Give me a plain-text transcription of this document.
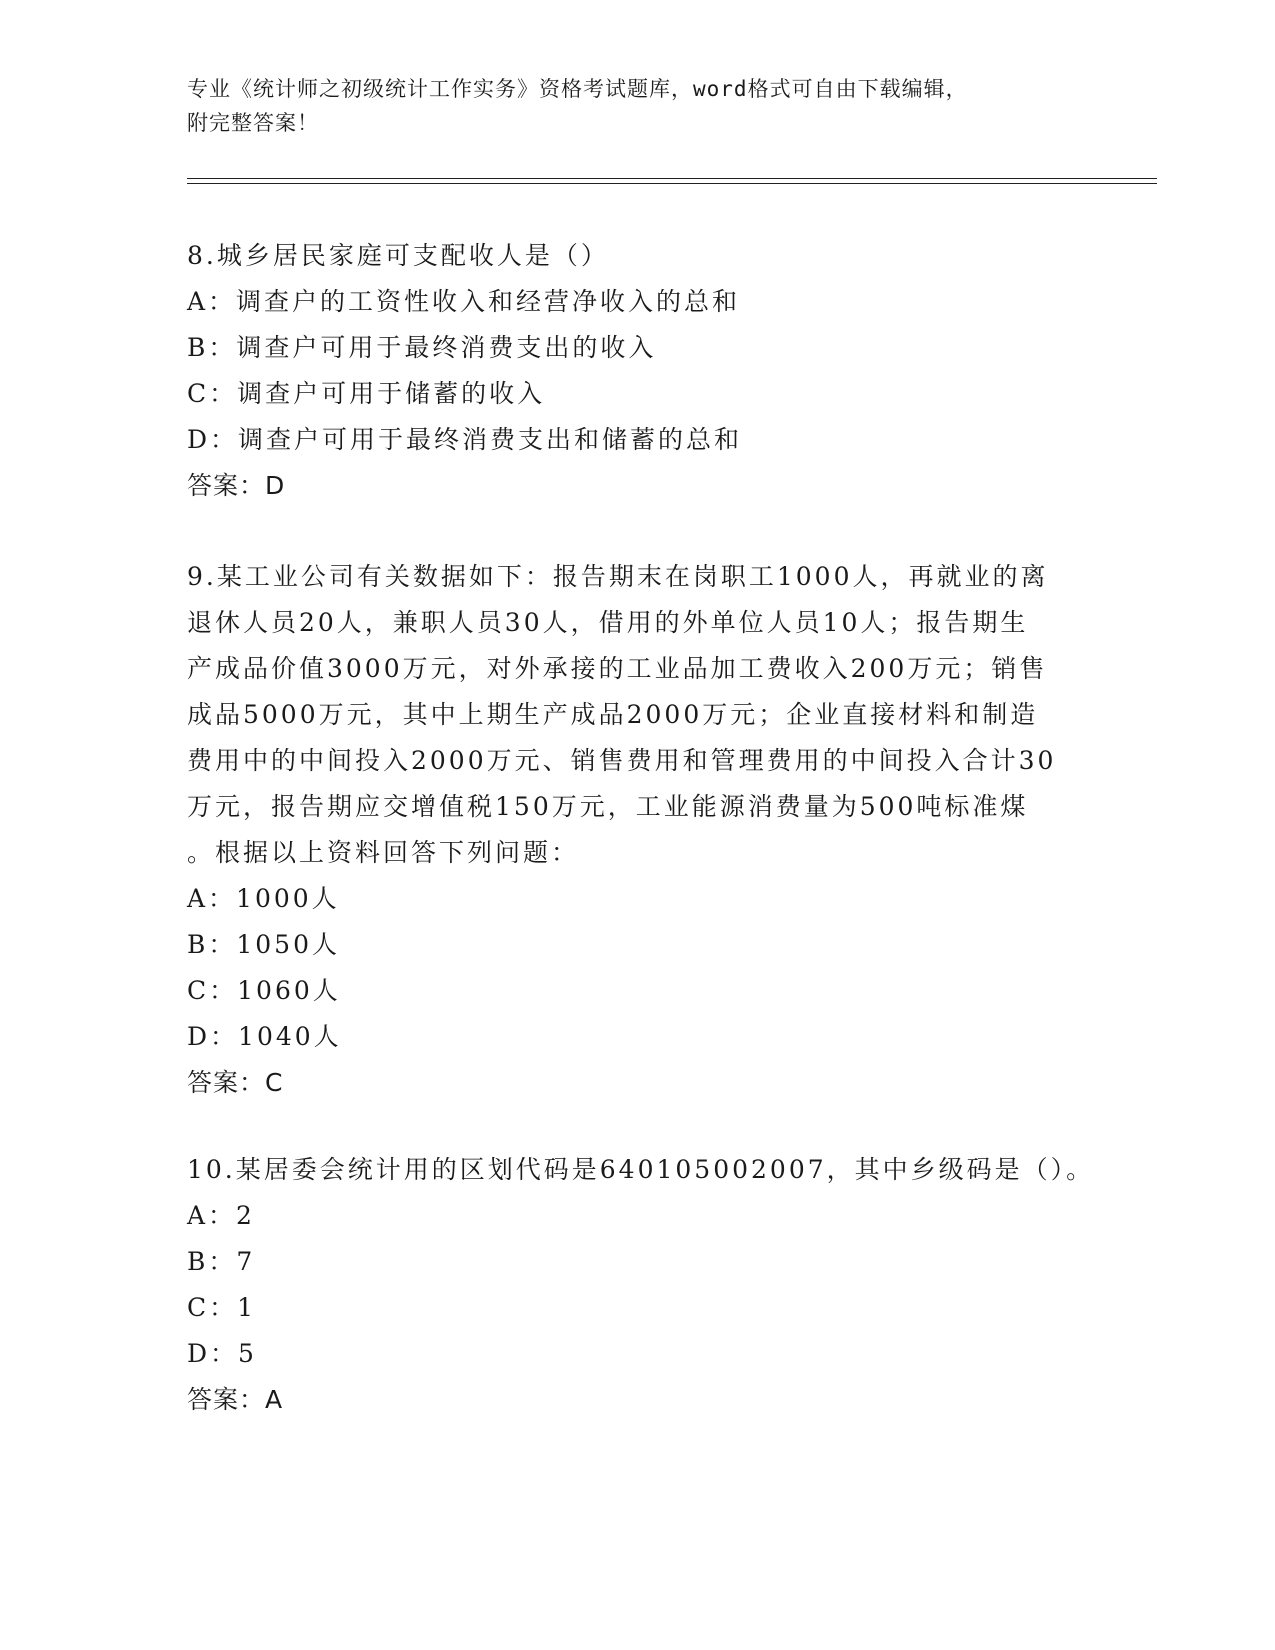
专业《统计师之初级统计工作实务》资格考试题库，word格式可自由下载编辑，
附完整答案！
8.城乡居民家庭可支配收人是（）
A：调查户的工资性收入和经营净收入的总和
B：调查户可用于最终消费支出的收入
C：调查户可用于储蓄的收入
D：调查户可用于最终消费支出和储蓄的总和
答案：D
9.某工业公司有关数据如下：报告期末在岗职工1000人，再就业的离
退休人员20人，兼职人员30人，借用的外单位人员10人；报告期生
产成品价值3000万元，对外承接的工业品加工费收入200万元；销售
成品5000万元，其中上期生产成品2000万元；企业直接材料和制造
费用中的中间投入2000万元、销售费用和管理费用的中间投入合计30
万元，报告期应交增值税150万元，工业能源消费量为500吨标准煤
。根据以上资料回答下列问题：
A：1000人
B：1050人
C：1060人
D：1040人
答案：C
10.某居委会统计用的区划代码是640105002007，其中乡级码是（）。
A：2
B：7
C：1
D：5
答案：A
